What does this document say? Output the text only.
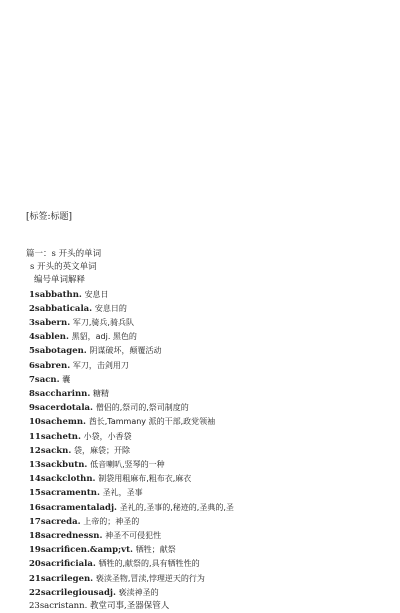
[标签:标题]
篇一：s 开头的单词
s 开头的英文单词
编号单词解释
1sabbathn. 安息日
2sabbaticala. 安息日的
3sabern. 军刀,骑兵,骑兵队
4sablen. 黑貂，adj. 黑色的
5sabotagen. 阴谋破坏，颠覆活动
6sabren. 军刀，击剑用刀
7sacn. 囊
8saccharinn. 糖精
9sacerdotala. 僧侣的,祭司的,祭司制度的
10sachemn. 酋长,Tammany 派的干部,政党领袖
11sachetn. 小袋，小香袋
12sackn. 袋，麻袋；开除
13sackbutn. 低音喇叭,竖琴的一种
14sackclothn. 制袋用粗麻布,粗布衣,麻衣
15sacramentn. 圣礼，圣事
16sacramentaladj. 圣礼的,圣事的,秘迹的,圣典的,圣
17sacreda. 上帝的；神圣的
18sacrednessn. 神圣不可侵犯性
19sacrificen.&amp;vt. 牺牲；献祭
20sacrificiala. 牺牲的,献祭的,具有牺牲性的
21sacrilegen. 亵渎圣物,冒渎,悖理逆天的行为
22sacrilegiousadj. 亵渎神圣的
23sacristann. 教堂司事,圣器保管人
